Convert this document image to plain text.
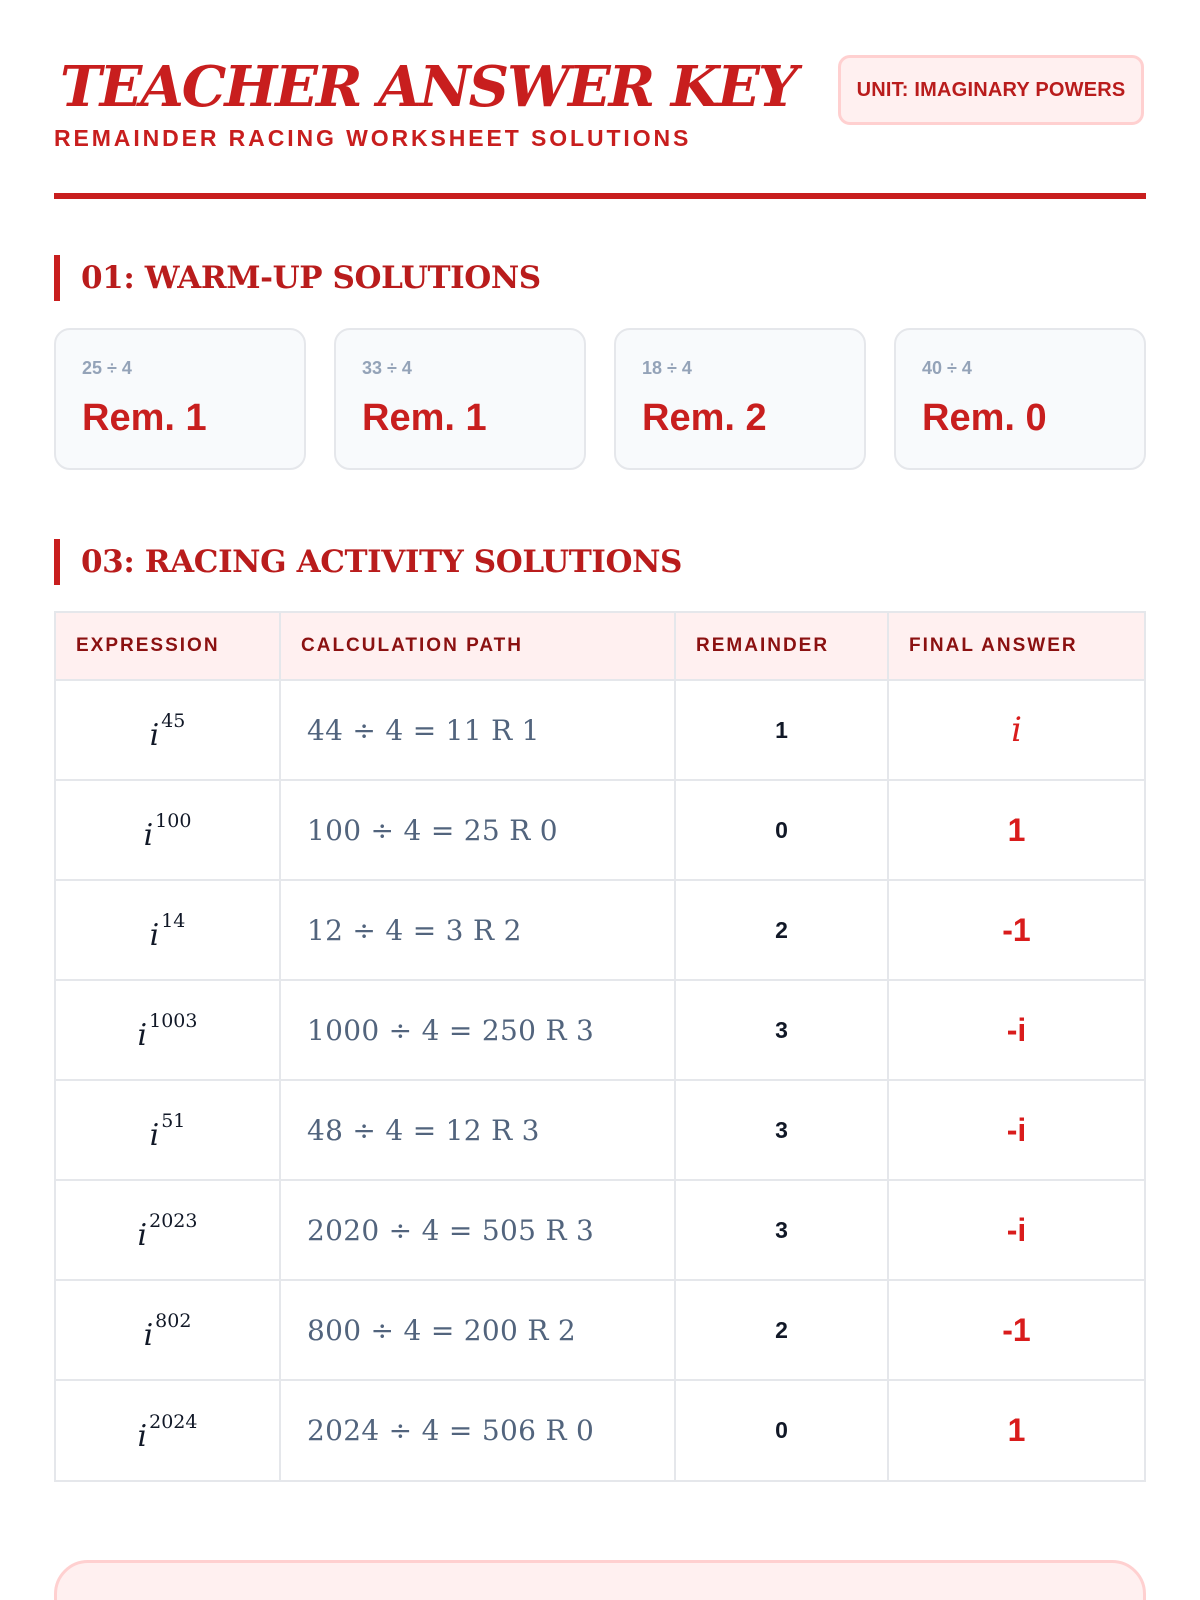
TEACHER ANSWER KEY
REMAINDER RACING WORKSHEET SOLUTIONS
UNIT: IMAGINARY POWERS
01: WARM-UP SOLUTIONS
25 ÷ 4
Rem. 1
33 ÷ 4
Rem. 1
18 ÷ 4
Rem. 2
40 ÷ 4
Rem. 0
03: RACING ACTIVITY SOLUTIONS
EXPRESSION	CALCULATION PATH	REMAINDER	FINAL ANSWER
i $^{45}$	44 ÷ 4 = 11 R 1	1	i
i $^{100}$	100 ÷ 4 = 25 R 0	0	1
i $^{14}$	12 ÷ 4 = 3 R 2	2	-1
i $^{1003}$	1000 ÷ 4 = 250 R 3	3	-i
i $^{51}$	48 ÷ 4 = 12 R 3	3	-i
i $^{2023}$	2020 ÷ 4 = 505 R 3	3	-i
i $^{802}$	800 ÷ 4 = 200 R 2	2	-1
i $^{2024}$	2024 ÷ 4 = 506 R 0	0	1
